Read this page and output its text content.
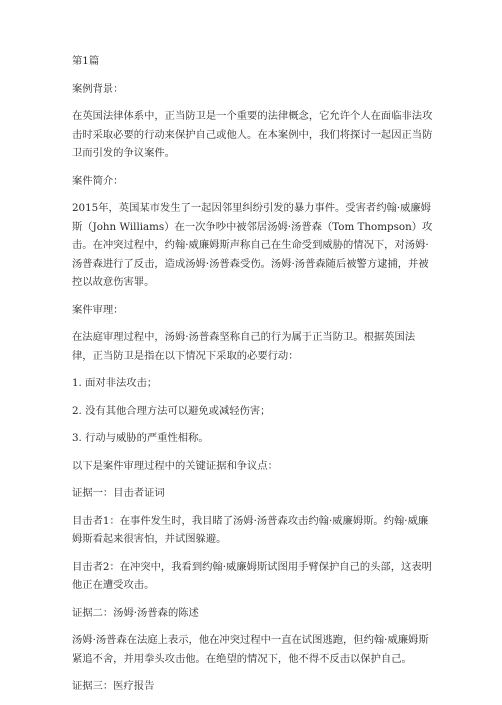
第1篇

案例背景：

在英国法律体系中，正当防卫是一个重要的法律概念，它允许个人在面临非法攻击时采取必要的行动来保护自己或他人。在本案例中，我们将探讨一起因正当防卫而引发的争议案件。

案件简介：

2015年，英国某市发生了一起因邻里纠纷引发的暴力事件。受害者约翰·威廉姆斯（John Williams）在一次争吵中被邻居汤姆·汤普森（Tom Thompson）攻击。在冲突过程中，约翰·威廉姆斯声称自己在生命受到威胁的情况下，对汤姆·汤普森进行了反击，造成汤姆·汤普森受伤。汤姆·汤普森随后被警方逮捕，并被控以故意伤害罪。

案件审理：

在法庭审理过程中，汤姆·汤普森坚称自己的行为属于正当防卫。根据英国法律，正当防卫是指在以下情况下采取的必要行动：

1. 面对非法攻击；

2. 没有其他合理方法可以避免或减轻伤害；

3. 行动与威胁的严重性相称。

以下是案件审理过程中的关键证据和争议点：

证据一：目击者证词

目击者1：在事件发生时，我目睹了汤姆·汤普森攻击约翰·威廉姆斯。约翰·威廉姆斯看起来很害怕，并试图躲避。

目击者2：在冲突中，我看到约翰·威廉姆斯试图用手臂保护自己的头部，这表明他正在遭受攻击。

证据二：汤姆·汤普森的陈述

汤姆·汤普森在法庭上表示，他在冲突过程中一直在试图逃跑，但约翰·威廉姆斯紧追不舍，并用拳头攻击他。在绝望的情况下，他不得不反击以保护自己。

证据三：医疗报告
